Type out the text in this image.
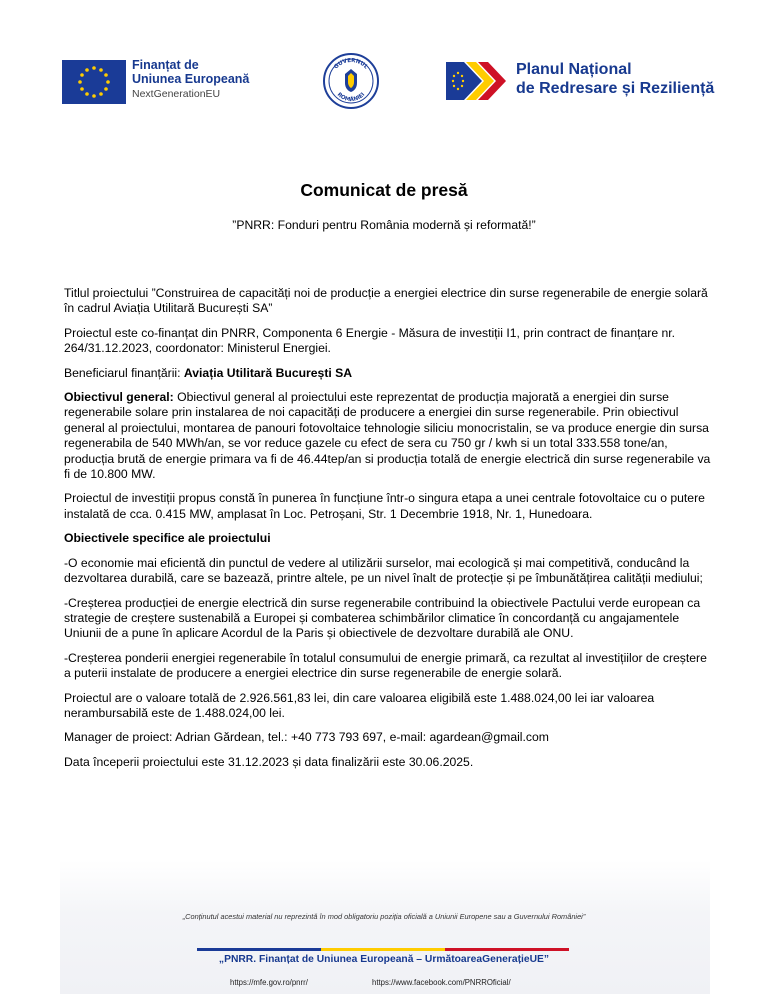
Finanțat de
Uniunea Europeană
NextGenerationEU
GUVERNUL
ROMÂNIEI
Planul Național
de Redresare și Reziliență
Comunicat de presă
”PNRR: Fonduri pentru România modernă și reformată!”

Titlul proiectului ”Construirea de capacități noi de producție a energiei electrice din surse regenerabile de energie solară în cadrul Aviația Utilitară București SA”

Proiectul este co-finanțat din PNRR, Componenta 6 Energie - Măsura de investiții I1, prin contract de finanțare nr. 264/31.12.2023, coordonator: Ministerul Energiei.

Beneficiarul finanțării: Aviația Utilitară București SA

Obiectivul general: Obiectivul general al proiectului este reprezentat de producția majorată a energiei din surse regenerabile solare prin instalarea de noi capacități de producere a energiei din surse regenerabile. Prin obiectivul general al proiectului, montarea de panouri fotovoltaice tehnologie siliciu monocristalin, se va produce energie din sursa regenerabila de 540 MWh/an, se vor reduce gazele cu efect de sera cu 750 gr / kwh si un total 333.558 tone/an, producția brută de energie primara va fi de 46.44tep/an si producția totală de energie electrică din surse regenerabile va fi de 10.800 MW.

Proiectul de investiții propus constă în punerea în funcțiune într-o singura etapa a unei centrale fotovoltaice cu o putere instalată de cca. 0.415 MW, amplasat în Loc. Petroșani, Str. 1 Decembrie 1918, Nr. 1, Hunedoara.

Obiectivele specifice ale proiectului

-O economie mai eficientă din punctul de vedere al utilizării surselor, mai ecologică și mai competitivă, conducând la dezvoltarea durabilă, care se bazează, printre altele, pe un nivel înalt de protecție și pe îmbunătățirea calității mediului;

-Creșterea producției de energie electrică din surse regenerabile contribuind la obiectivele Pactului verde european ca strategie de creștere sustenabilă a Europei și combaterea schimbărilor climatice în concordanță cu angajamentele Uniunii de a pune în aplicare Acordul de la Paris și obiectivele de dezvoltare durabilă ale ONU.

-Creșterea ponderii energiei regenerabile în totalul consumului de energie primară, ca rezultat al investițiilor de creștere a puterii instalate de producere a energiei electrice din surse regenerabile de energie solară.

Proiectul are o valoare totală de 2.926.561,83 lei, din care valoarea eligibilă este 1.488.024,00 lei iar valoarea nerambursabilă este de 1.488.024,00 lei.

Manager de proiect: Adrian Gărdean, tel.: +40 773 793 697, e-mail: agardean@gmail.com

Data începerii proiectului este 31.12.2023 și data finalizării este 30.06.2025.

„Conținutul acestui material nu reprezintă în mod obligatoriu poziția oficială a Uniunii Europene sau a Guvernului României”
„PNRR. Finanțat de Uniunea Europeană – UrmătoareaGenerațieUE”
https://mfe.gov.ro/pnrr/	https://www.facebook.com/PNRROficial/
